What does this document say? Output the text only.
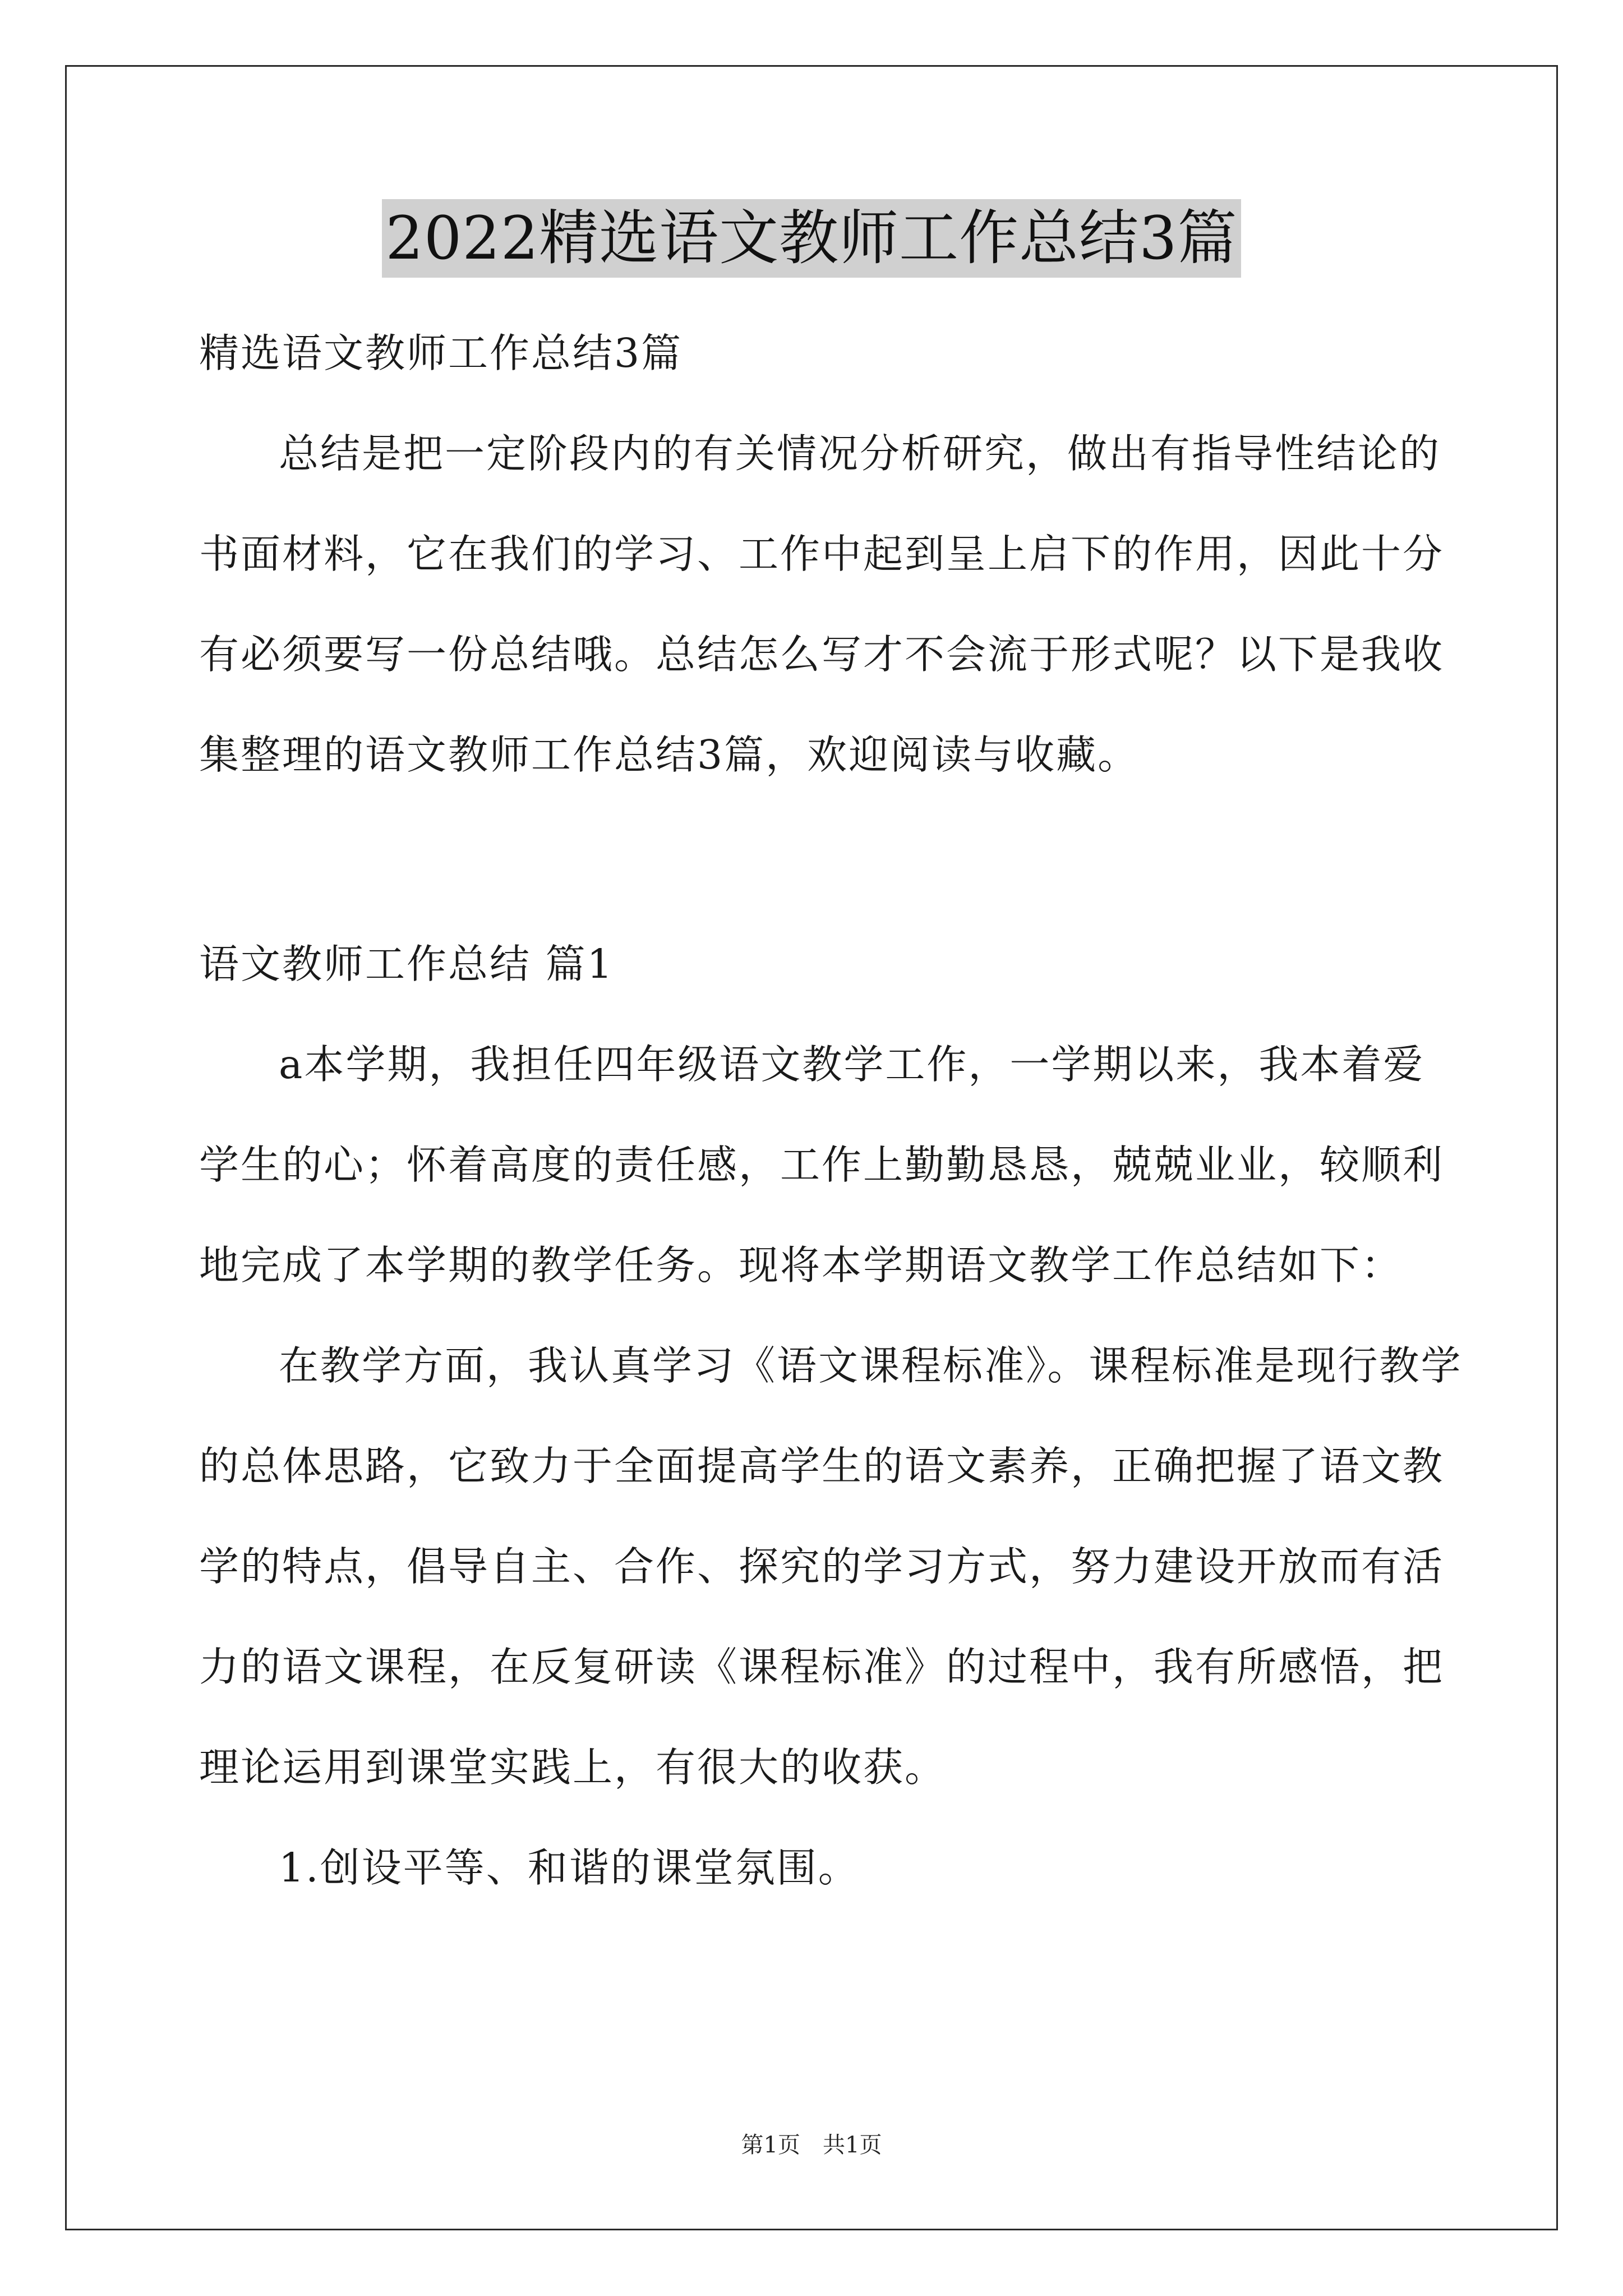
2022精选语文教师工作总结3篇
精选语文教师工作总结3篇
总结是把一定阶段内的有关情况分析研究，做出有指导性结论的
书面材料，它在我们的学习、工作中起到呈上启下的作用，因此十分
有必须要写一份总结哦。总结怎么写才不会流于形式呢？以下是我收
集整理的语文教师工作总结3篇，欢迎阅读与收藏。
语文教师工作总结 篇1
a本学期，我担任四年级语文教学工作，一学期以来，我本着爱
学生的心；怀着高度的责任感，工作上勤勤恳恳，兢兢业业，较顺利
地完成了本学期的教学任务。现将本学期语文教学工作总结如下：
在教学方面，我认真学习《语文课程标准》。课程标准是现行教学
的总体思路，它致力于全面提高学生的语文素养，正确把握了语文教
学的特点，倡导自主、合作、探究的学习方式，努力建设开放而有活
力的语文课程，在反复研读《课程标准》的过程中，我有所感悟，把
理论运用到课堂实践上，有很大的收获。
1.创设平等、和谐的课堂氛围。
第1页 共1页
